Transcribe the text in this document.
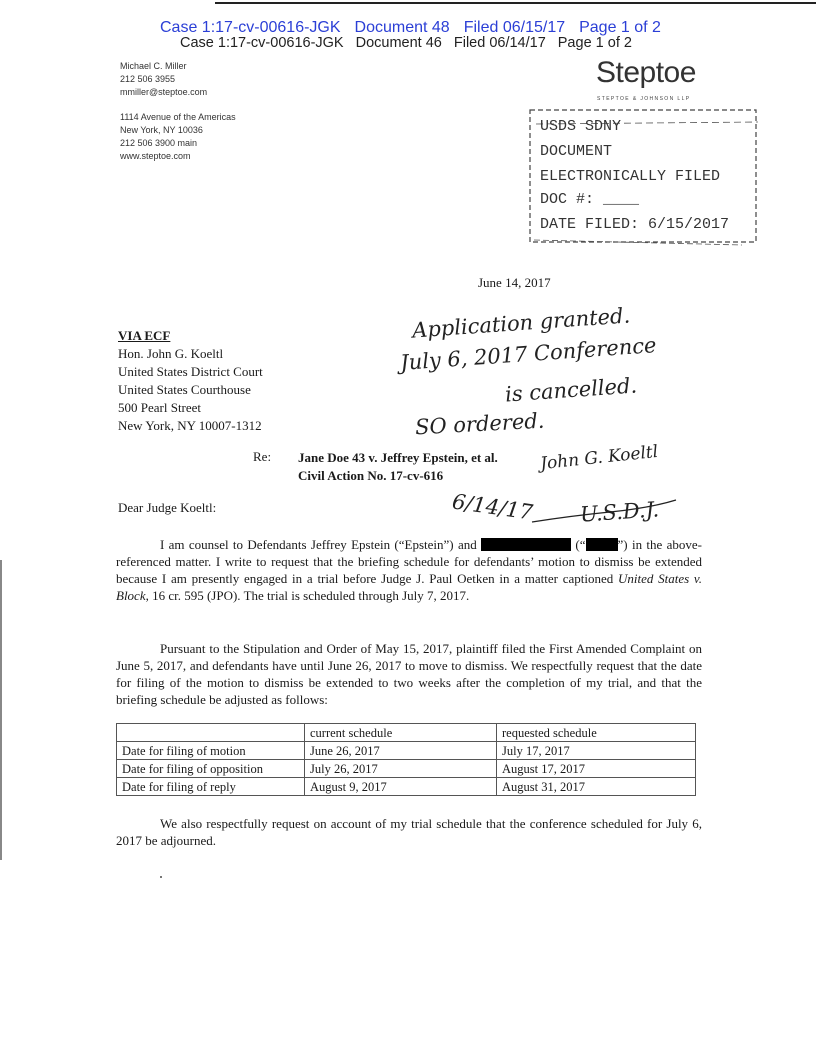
Case 1:17-cv-00616-JGK Document 48 Filed 06/15/17 Page 1 of 2
Case 1:17-cv-00616-JGK Document 46 Filed 06/14/17 Page 1 of 2
Michael C. Miller
212 506 3955
mmiller@steptoe.com
1114 Avenue of the Americas
New York, NY 10036
212 506 3900 main
www.steptoe.com
Steptoe
STEPTOE & JOHNSON LLP
USDS SDNY
DOCUMENT
ELECTRONICALLY FILED
DOC #: ____
DATE FILED: 6/15/2017
June 14, 2017
VIA ECF
Hon. John G. Koeltl
United States District Court
United States Courthouse
500 Pearl Street
New York, NY 10007-1312
Application granted.
July 6, 2017 Conference
is cancelled.
SO ordered.
John G. Koeltl
6/14/17 U.S.D.J.
Re: Jane Doe 43 v. Jeffrey Epstein, et al.
Civil Action No. 17-cv-616
Dear Judge Koeltl:
I am counsel to Defendants Jeffrey Epstein (“Epstein”) and	(“ ”) in the above-referenced matter. I write to request that the briefing schedule for defendants’ motion to dismiss be extended because I am presently engaged in a trial before Judge J. Paul Oetken in a matter captioned United States v. Block, 16 cr. 595 (JPO). The trial is scheduled through July 7, 2017.
Pursuant to the Stipulation and Order of May 15, 2017, plaintiff filed the First Amended Complaint on June 5, 2017, and defendants have until June 26, 2017 to move to dismiss. We respectfully request that the date for filing of the motion to dismiss be extended to two weeks after the completion of my trial, and that the briefing schedule be adjusted as follows:
	current schedule	requested schedule
Date for filing of motion	June 26, 2017	July 17, 2017
Date for filing of opposition	July 26, 2017	August 17, 2017
Date for filing of reply	August 9, 2017	August 31, 2017
We also respectfully request on account of my trial schedule that the conference scheduled for July 6, 2017 be adjourned.
